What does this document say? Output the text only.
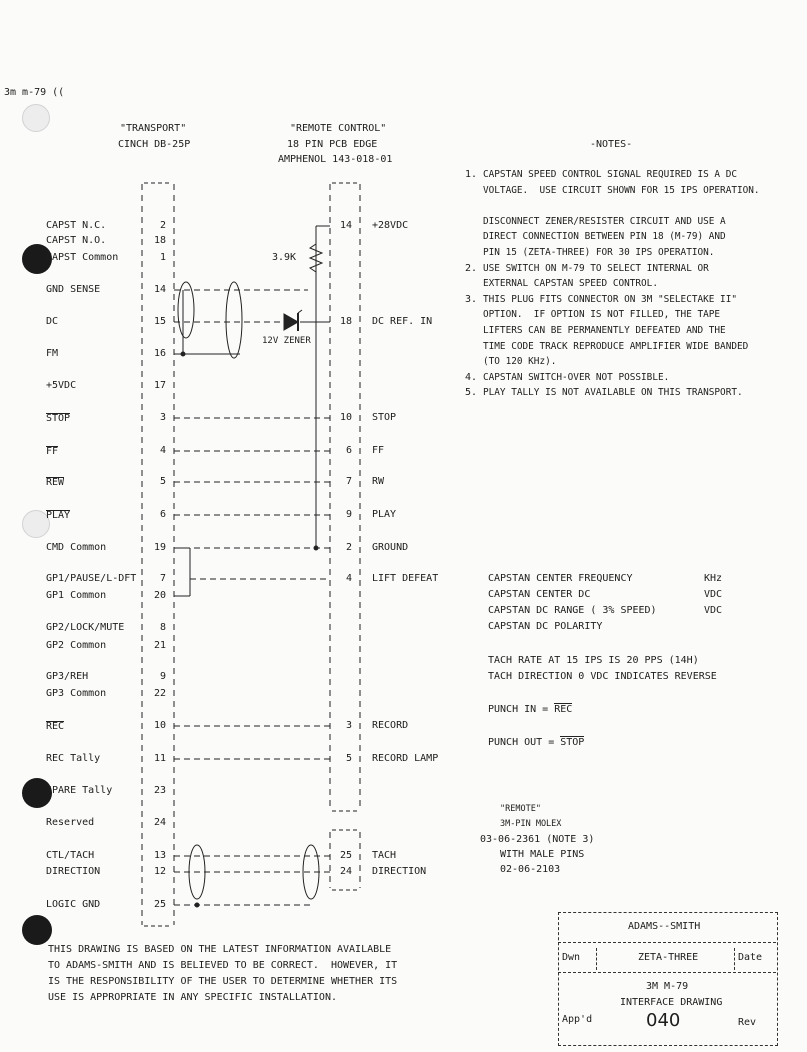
3m m-79 ((
"TRANSPORT"
CINCH DB-25P
"REMOTE CONTROL"
18 PIN PCB EDGE
AMPHENOL 143-018-01
-NOTES-
3.9K
12V ZENER
CAPST N.C.	2
CAPST N.O.	18
CAPST Common	1
GND SENSE	14
DC	15
FM	16
+5VDC	17
STOP	3
FF	4
REW	5
PLAY	6
CMD Common	19
GP1/PAUSE/L-DFT	7
GP1 Common	20
GP2/LOCK/MUTE	8
GP2 Common	21
GP3/REH	9
GP3 Common	22
REC	10
REC Tally	11
SPARE Tally	23
Reserved	24
CTL/TACH	13
DIRECTION	12
LOGIC GND	25
14 +28VDC
18 DC REF. IN
10 STOP
6 FF
7 RW
9 PLAY
2 GROUND
4 LIFT DEFEAT
3 RECORD
5 RECORD LAMP
25 TACH
24 DIRECTION
1. CAPSTAN SPEED CONTROL SIGNAL REQUIRED IS A DC
VOLTAGE.  USE CIRCUIT SHOWN FOR 15 IPS OPERATION.
DISCONNECT ZENER/RESISTER CIRCUIT AND USE A
DIRECT CONNECTION BETWEEN PIN 18 (M-79) AND
PIN 15 (ZETA-THREE) FOR 30 IPS OPERATION.
2. USE SWITCH ON M-79 TO SELECT INTERNAL OR
EXTERNAL CAPSTAN SPEED CONTROL.
3. THIS PLUG FITS CONNECTOR ON 3M "SELECTAKE II"
OPTION.  IF OPTION IS NOT FILLED, THE TAPE
LIFTERS CAN BE PERMANENTLY DEFEATED AND THE
TIME CODE TRACK REPRODUCE AMPLIFIER WIDE BANDED
(TO 120 KHz).
4. CAPSTAN SWITCH-OVER NOT POSSIBLE.
5. PLAY TALLY IS NOT AVAILABLE ON THIS TRANSPORT.
CAPSTAN CENTER FREQUENCY	KHz
CAPSTAN CENTER DC	VDC
CAPSTAN DC RANGE ( 3% SPEED)	VDC
CAPSTAN DC POLARITY
TACH RATE AT 15 IPS IS 20 PPS (14H)
TACH DIRECTION 0 VDC INDICATES REVERSE
PUNCH IN = REC
PUNCH OUT = STOP
"REMOTE"
3M-PIN MOLEX
03-06-2361 (NOTE 3)
WITH MALE PINS
02-06-2103
THIS DRAWING IS BASED ON THE LATEST INFORMATION AVAILABLE
TO ADAMS-SMITH AND IS BELIEVED TO BE CORRECT.  HOWEVER, IT
IS THE RESPONSIBILITY OF THE USER TO DETERMINE WHETHER ITS
USE IS APPROPRIATE IN ANY SPECIFIC INSTALLATION.
ADAMS--SMITH
Dwn	ZETA-THREE	Date
3M M-79
INTERFACE DRAWING
App'd	040	Rev
